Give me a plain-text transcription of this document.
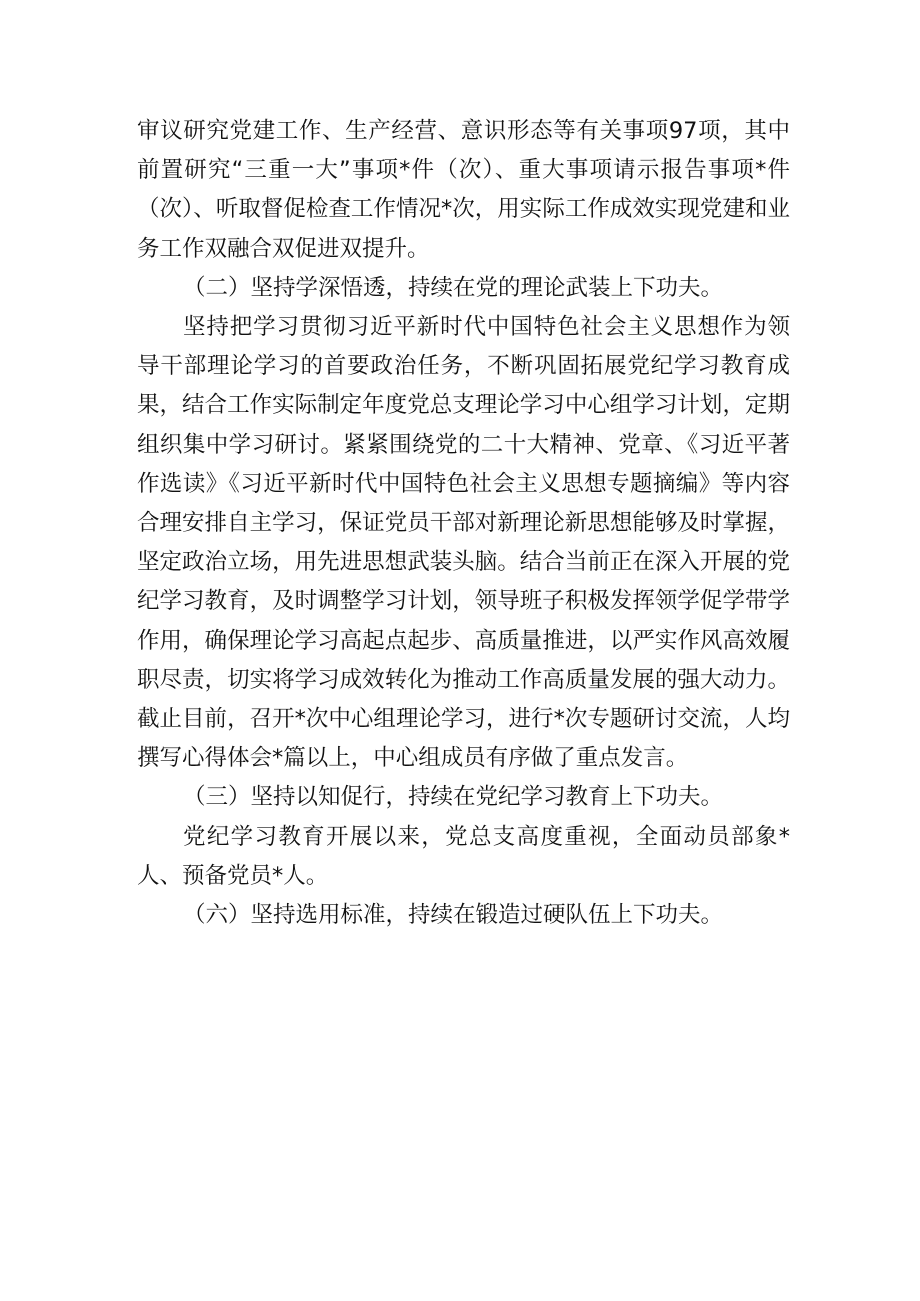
审议研究党建工作、生产经营、意识形态等有关事项97项，其中前置研究“三重一大”事项*件（次）、重大事项请示报告事项*件（次）、听取督促检查工作情况*次，用实际工作成效实现党建和业务工作双融合双促进双提升。

（二）坚持学深悟透，持续在党的理论武装上下功夫。

坚持把学习贯彻习近平新时代中国特色社会主义思想作为领导干部理论学习的首要政治任务，不断巩固拓展党纪学习教育成果，结合工作实际制定年度党总支理论学习中心组学习计划，定期组织集中学习研讨。紧紧围绕党的二十大精神、党章、《习近平著作选读》《习近平新时代中国特色社会主义思想专题摘编》等内容合理安排自主学习，保证党员干部对新理论新思想能够及时掌握，坚定政治立场，用先进思想武装头脑。结合当前正在深入开展的党纪学习教育，及时调整学习计划，领导班子积极发挥领学促学带学作用，确保理论学习高起点起步、高质量推进，以严实作风高效履职尽责，切实将学习成效转化为推动工作高质量发展的强大动力。截止目前，召开*次中心组理论学习，进行*次专题研讨交流，人均撰写心得体会*篇以上，中心组成员有序做了重点发言。

（三）坚持以知促行，持续在党纪学习教育上下功夫。

党纪学习教育开展以来，党总支高度重视，全面动员部象*人、预备党员*人。

（六）坚持选用标准，持续在锻造过硬队伍上下功夫。
